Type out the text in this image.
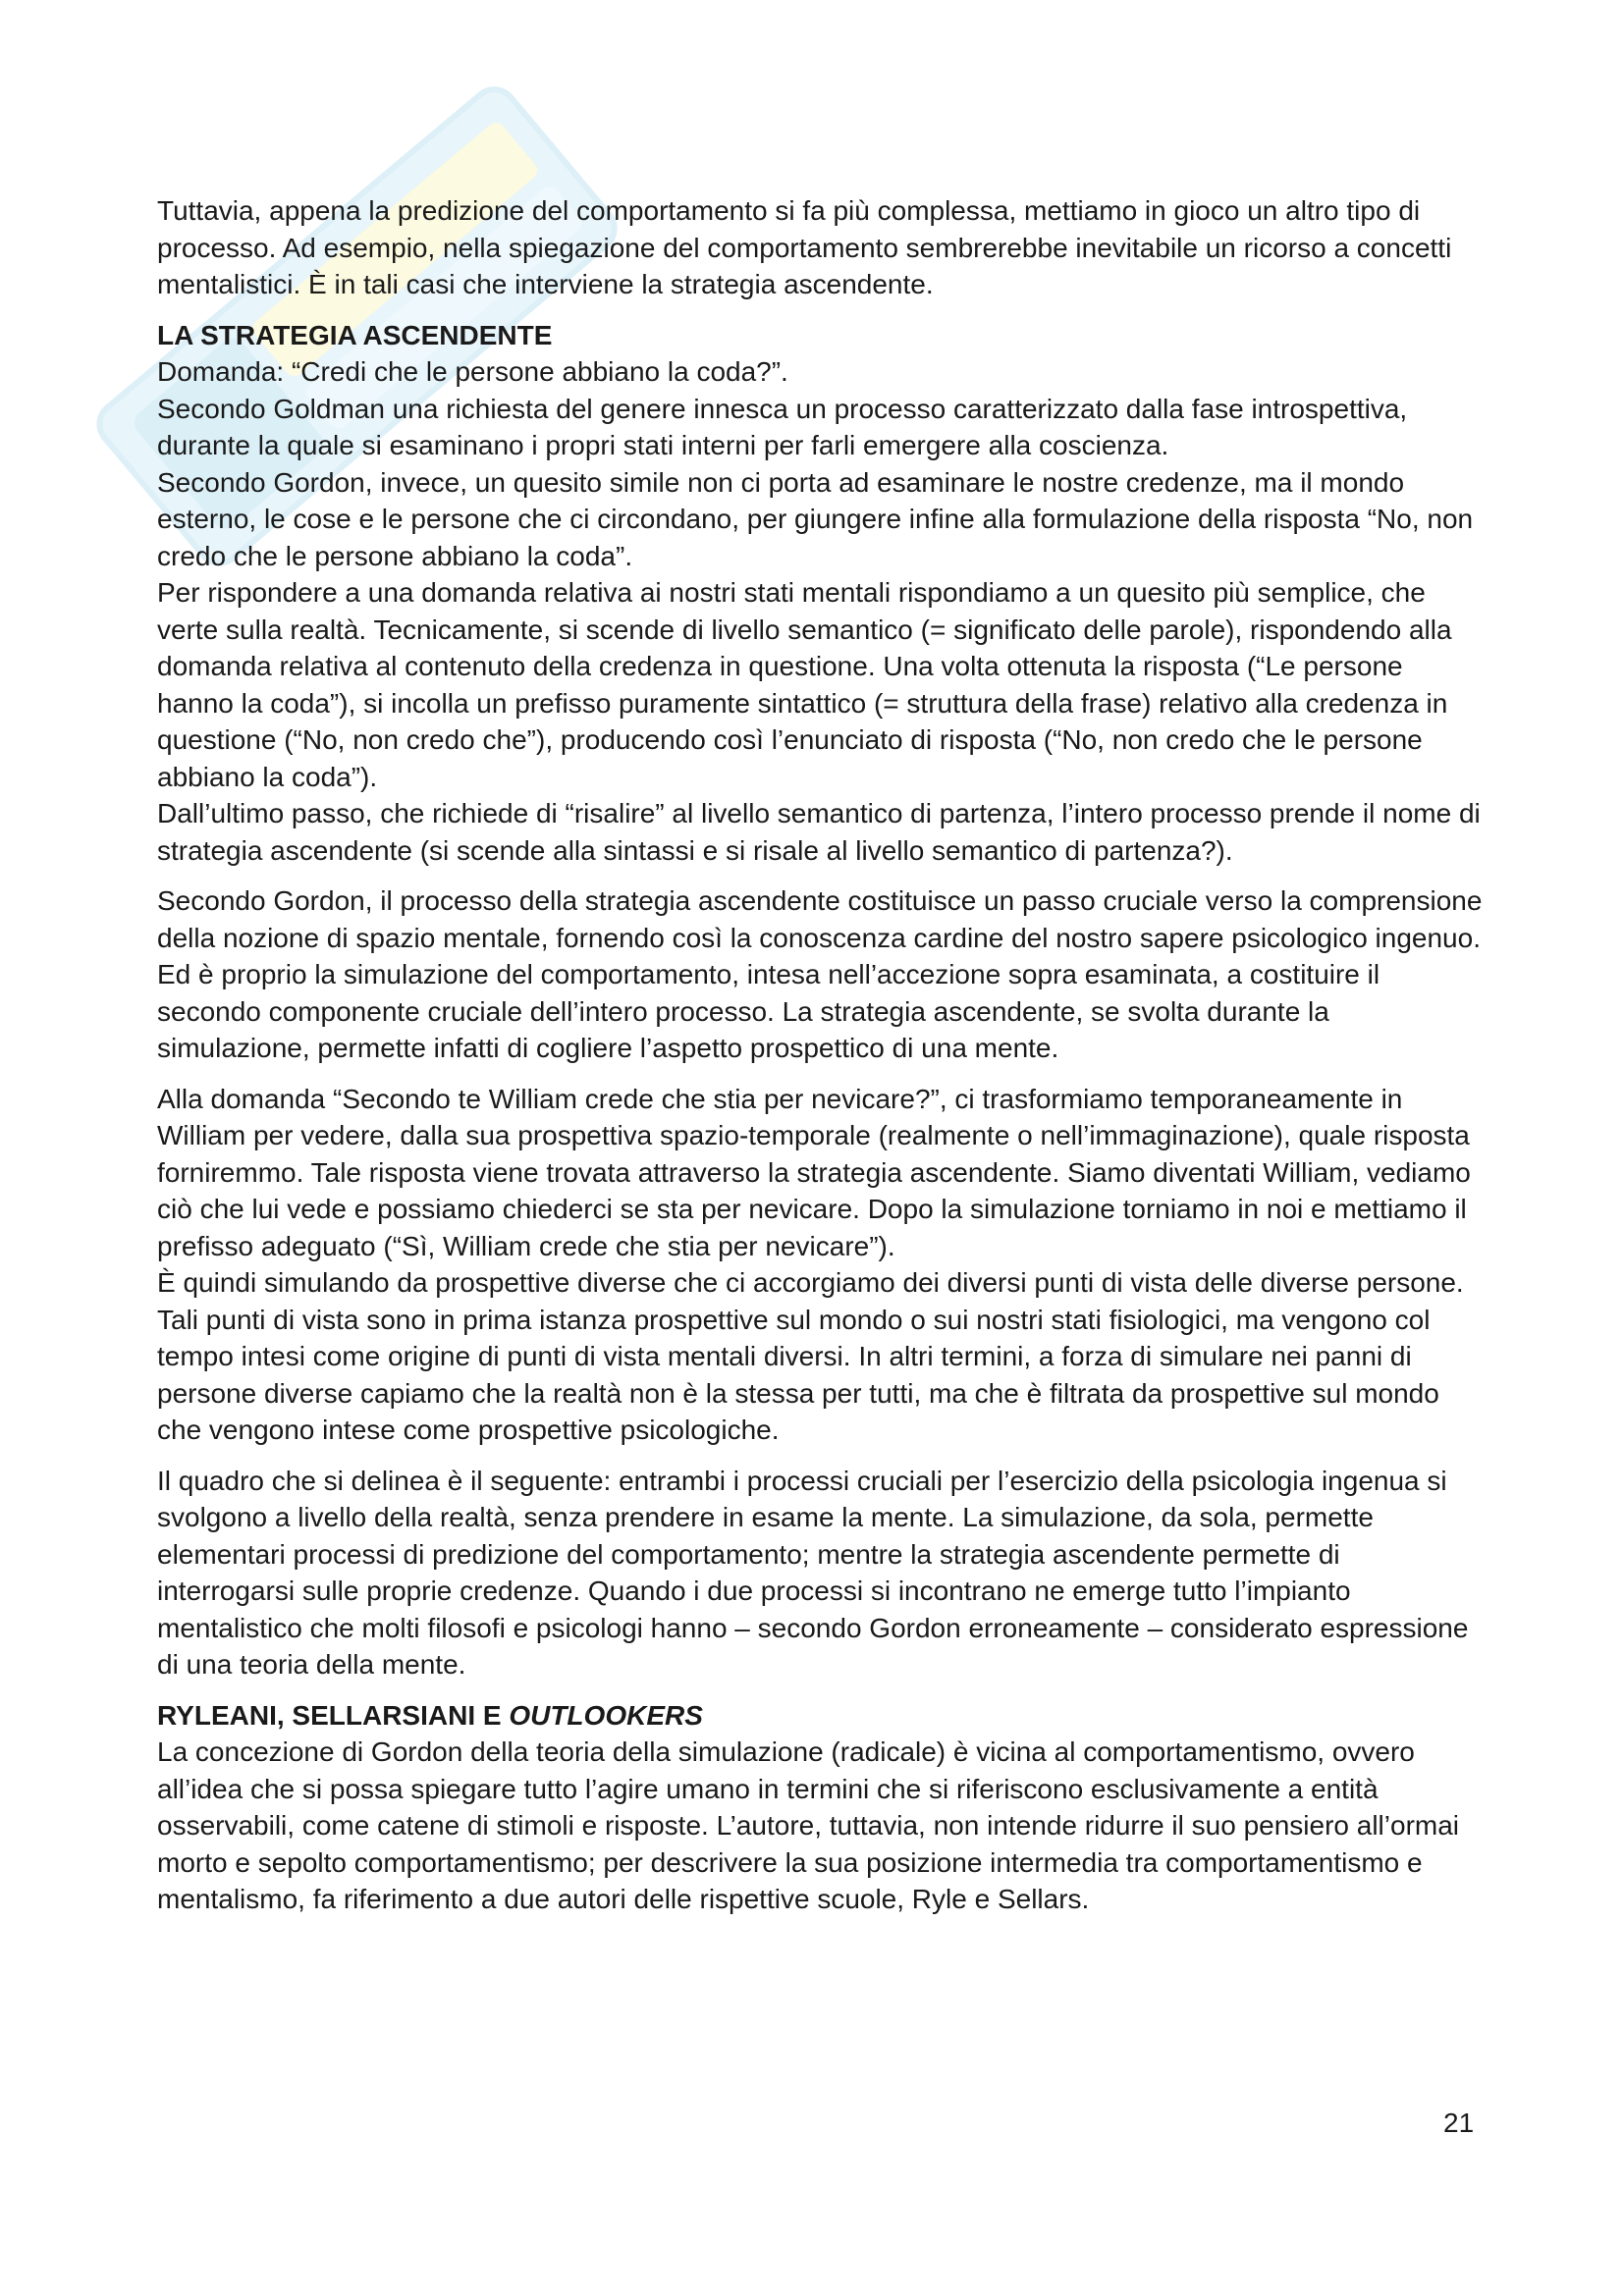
Tuttavia, appena la predizione del comportamento si fa più complessa, mettiamo in gioco un altro tipo di processo. Ad esempio, nella spiegazione del comportamento sembrerebbe inevitabile un ricorso a concetti mentalistici. È in tali casi che interviene la strategia ascendente.

LA STRATEGIA ASCENDENTE

Domanda: “Credi che le persone abbiano la coda?”.

Secondo Goldman una richiesta del genere innesca un processo caratterizzato dalla fase introspettiva, durante la quale si esaminano i propri stati interni per farli emergere alla coscienza.

Secondo Gordon, invece, un quesito simile non ci porta ad esaminare le nostre credenze, ma il mondo esterno, le cose e le persone che ci circondano, per giungere infine alla formulazione della risposta “No, non credo che le persone abbiano la coda”.

Per rispondere a una domanda relativa ai nostri stati mentali rispondiamo a un quesito più semplice, che verte sulla realtà. Tecnicamente, si scende di livello semantico (= significato delle parole), rispondendo alla domanda relativa al contenuto della credenza in questione. Una volta ottenuta la risposta (“Le persone hanno la coda”), si incolla un prefisso puramente sintattico (= struttura della frase) relativo alla credenza in questione (“No, non credo che”), producendo così l’enunciato di risposta (“No, non credo che le persone abbiano la coda”).

Dall’ultimo passo, che richiede di “risalire” al livello semantico di partenza, l’intero processo prende il nome di strategia ascendente (si scende alla sintassi e si risale al livello semantico di partenza?).

Secondo Gordon, il processo della strategia ascendente costituisce un passo cruciale verso la comprensione della nozione di spazio mentale, fornendo così la conoscenza cardine del nostro sapere psicologico ingenuo.

Ed è proprio la simulazione del comportamento, intesa nell’accezione sopra esaminata, a costituire il secondo componente cruciale dell’intero processo. La strategia ascendente, se svolta durante la simulazione, permette infatti di cogliere l’aspetto prospettico di una mente.

Alla domanda “Secondo te William crede che stia per nevicare?”, ci trasformiamo temporaneamente in William per vedere, dalla sua prospettiva spazio-temporale (realmente o nell’immaginazione), quale risposta forniremmo. Tale risposta viene trovata attraverso la strategia ascendente. Siamo diventati William, vediamo ciò che lui vede e possiamo chiederci se sta per nevicare. Dopo la simulazione torniamo in noi e mettiamo il prefisso adeguato (“Sì, William crede che stia per nevicare”).

È quindi simulando da prospettive diverse che ci accorgiamo dei diversi punti di vista delle diverse persone. Tali punti di vista sono in prima istanza prospettive sul mondo o sui nostri stati fisiologici, ma vengono col tempo intesi come origine di punti di vista mentali diversi. In altri termini, a forza di simulare nei panni di persone diverse capiamo che la realtà non è la stessa per tutti, ma che è filtrata da prospettive sul mondo che vengono intese come prospettive psicologiche.

Il quadro che si delinea è il seguente: entrambi i processi cruciali per l’esercizio della psicologia ingenua si svolgono a livello della realtà, senza prendere in esame la mente. La simulazione, da sola, permette elementari processi di predizione del comportamento; mentre la strategia ascendente permette di interrogarsi sulle proprie credenze. Quando i due processi si incontrano ne emerge tutto l’impianto mentalistico che molti filosofi e psicologi hanno – secondo Gordon erroneamente – considerato espressione di una teoria della mente.

RYLEANI, SELLARSIANI E OUTLOOKERS

La concezione di Gordon della teoria della simulazione (radicale) è vicina al comportamentismo, ovvero all’idea che si possa spiegare tutto l’agire umano in termini che si riferiscono esclusivamente a entità osservabili, come catene di stimoli e risposte. L’autore, tuttavia, non intende ridurre il suo pensiero all’ormai morto e sepolto comportamentismo; per descrivere la sua posizione intermedia tra comportamentismo e mentalismo, fa riferimento a due autori delle rispettive scuole, Ryle e Sellars.

21
